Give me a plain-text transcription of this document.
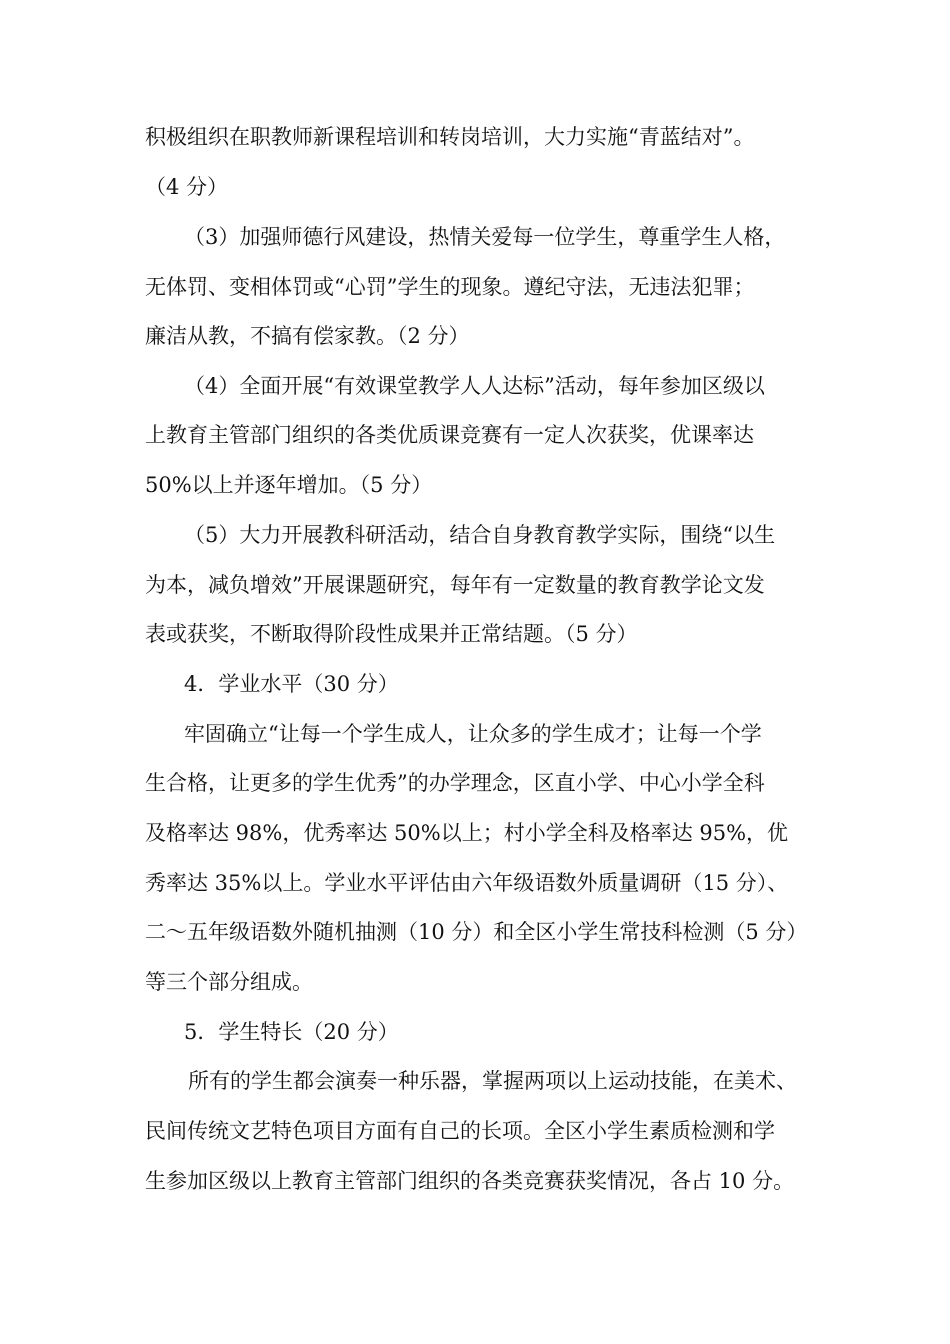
积极组织在职教师新课程培训和转岗培训，大力实施“青蓝结对”。
（4 分）
（3）加强师德行风建设，热情关爱每一位学生，尊重学生人格，
无体罚、变相体罚或“心罚”学生的现象。遵纪守法，无违法犯罪；
廉洁从教，不搞有偿家教。（2 分）
（4）全面开展“有效课堂教学人人达标”活动，每年参加区级以
上教育主管部门组织的各类优质课竞赛有一定人次获奖，优课率达
50%以上并逐年增加。（5 分）
（5）大力开展教科研活动，结合自身教育教学实际，围绕“以生
为本，减负增效”开展课题研究，每年有一定数量的教育教学论文发
表或获奖，不断取得阶段性成果并正常结题。（5 分）
4．学业水平（30 分）
牢固确立“让每一个学生成人，让众多的学生成才；让每一个学
生合格，让更多的学生优秀”的办学理念，区直小学、中心小学全科
及格率达 98%，优秀率达 50%以上；村小学全科及格率达 95%，优
秀率达 35%以上。学业水平评估由六年级语数外质量调研（15 分）、
二～五年级语数外随机抽测（10 分）和全区小学生常技科检测（5 分）
等三个部分组成。
5．学生特长（20 分）
所有的学生都会演奏一种乐器，掌握两项以上运动技能，在美术、
民间传统文艺特色项目方面有自己的长项。全区小学生素质检测和学
生参加区级以上教育主管部门组织的各类竞赛获奖情况，各占 10 分。
